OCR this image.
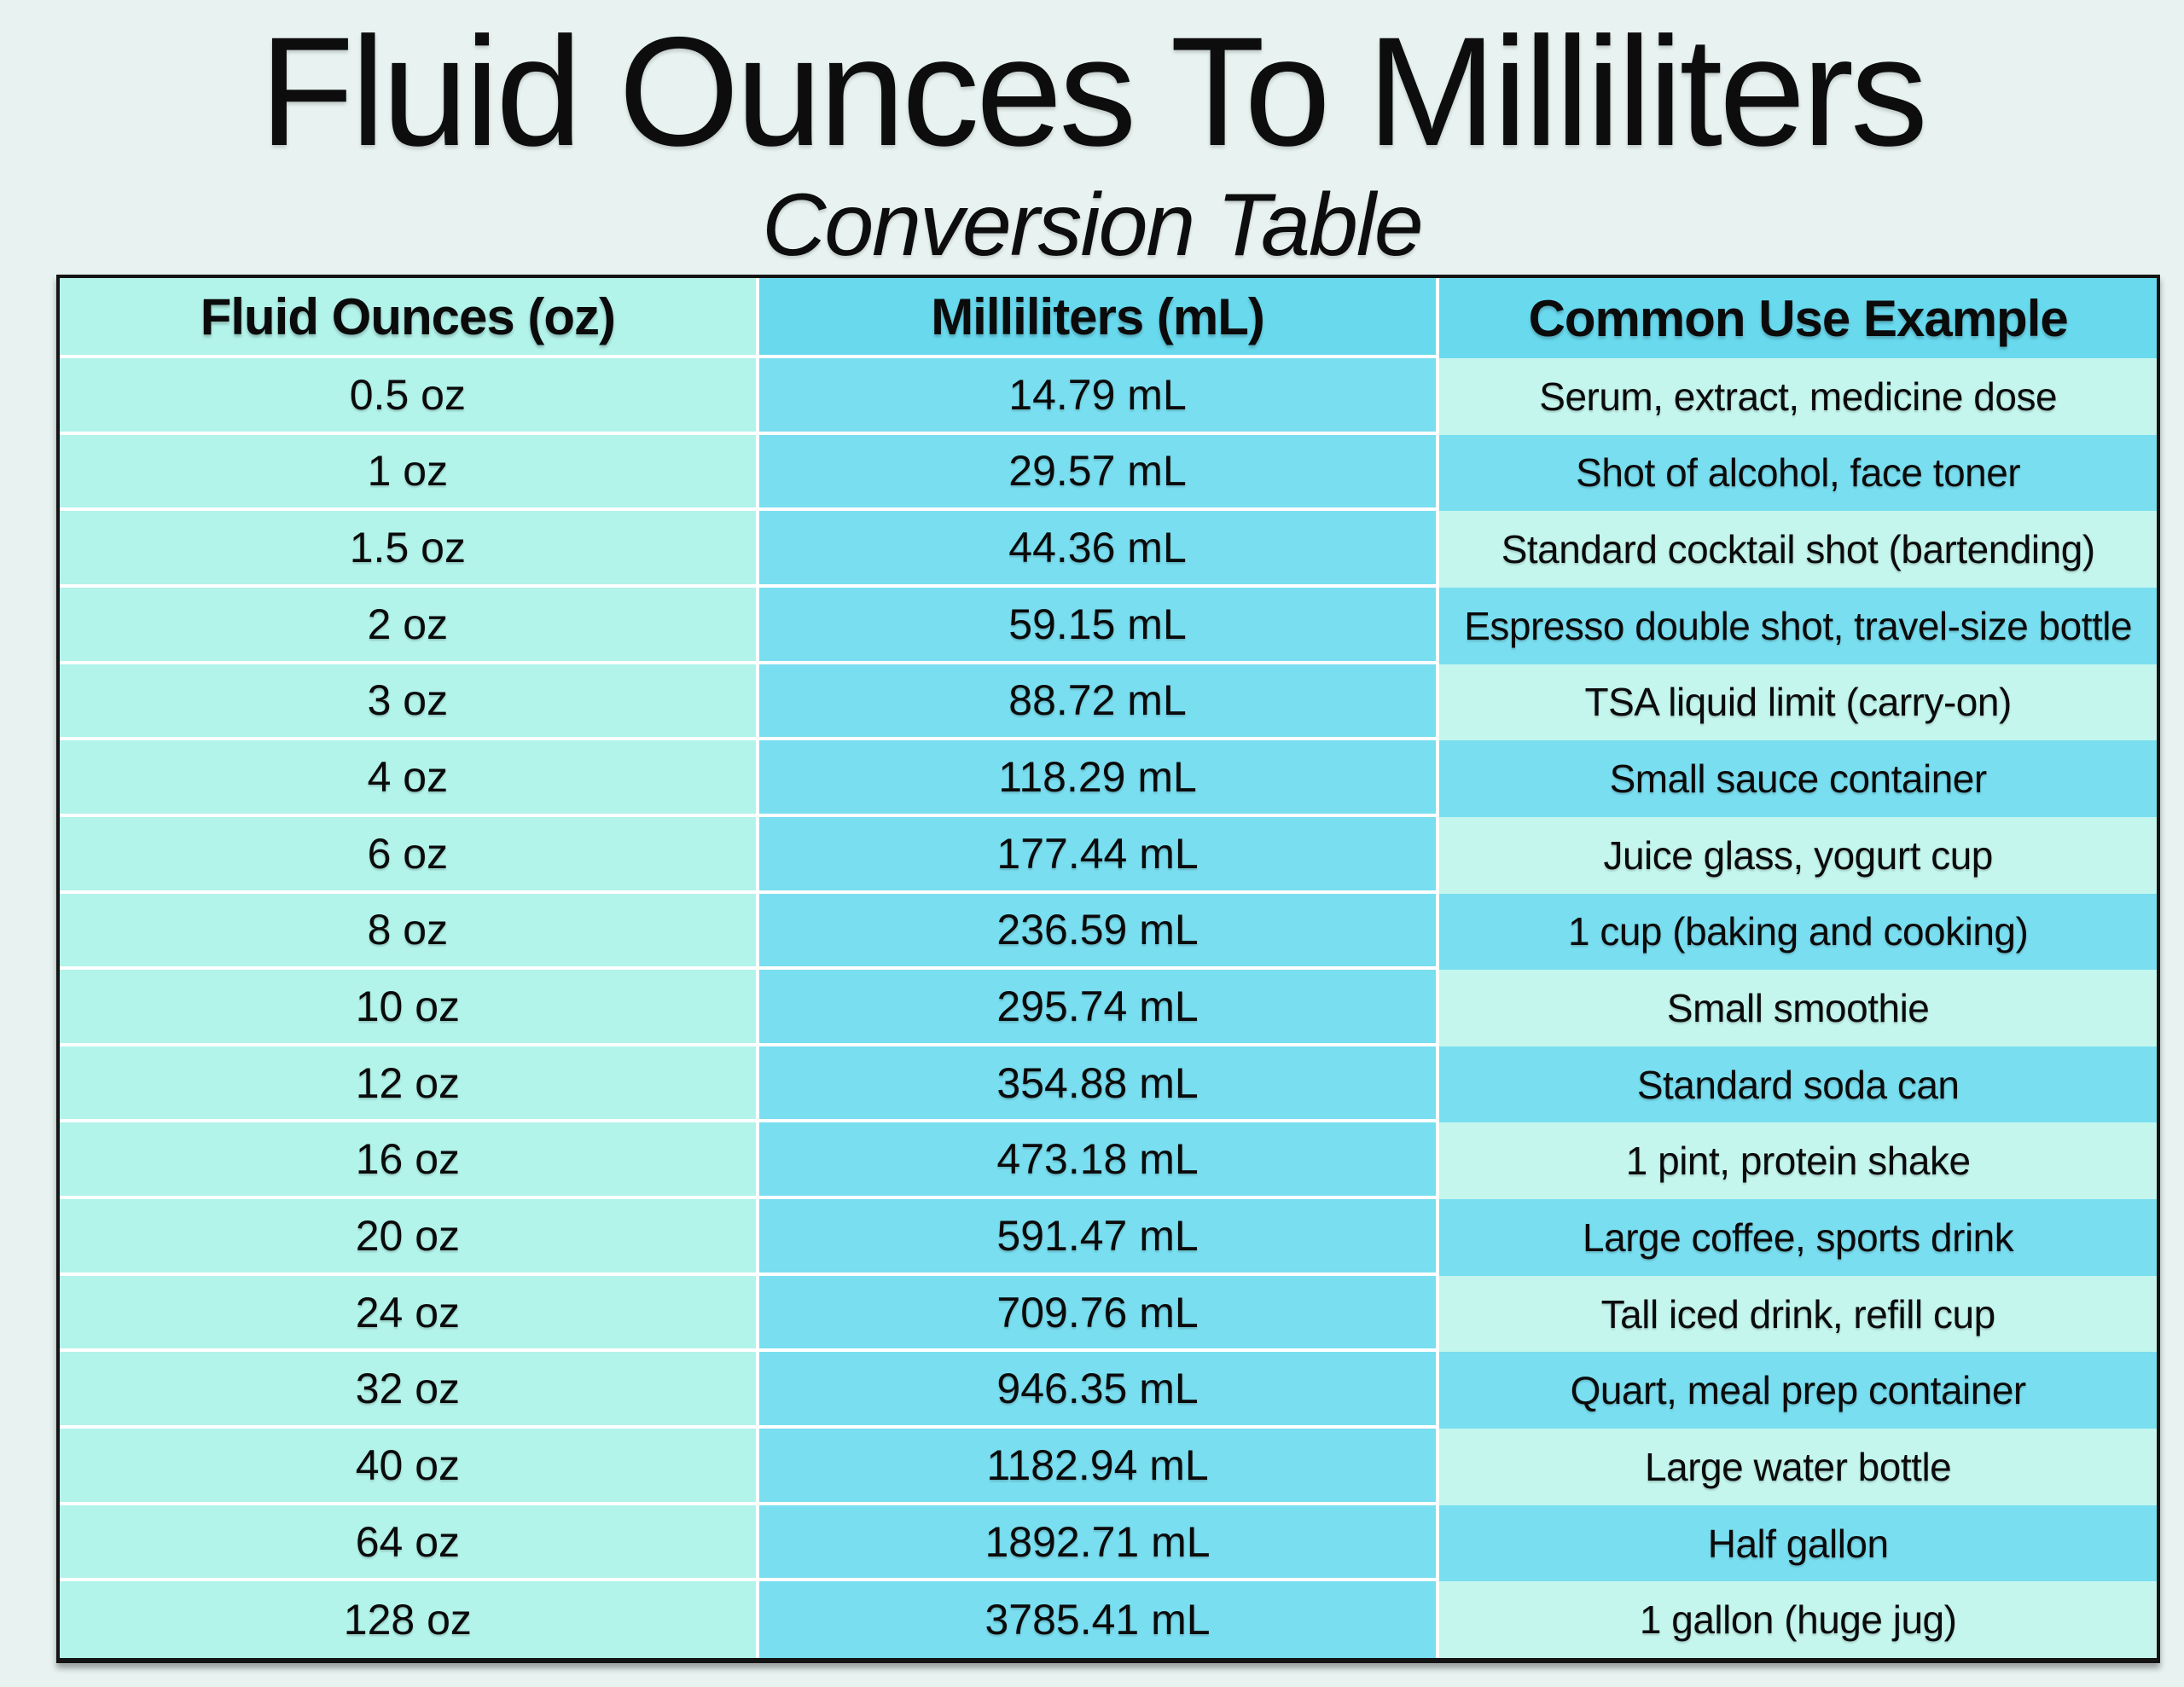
Fluid Ounces To Milliliters
Conversion Table
Fluid Ounces (oz)	Milliliters (mL)	Common Use Example
0.5 oz	14.79 mL	Serum, extract, medicine dose
1 oz	29.57 mL	Shot of alcohol, face toner
1.5 oz	44.36 mL	Standard cocktail shot (bartending)
2 oz	59.15 mL	Espresso double shot, travel-size bottle
3 oz	88.72 mL	TSA liquid limit (carry-on)
4 oz	118.29 mL	Small sauce container
6 oz	177.44 mL	Juice glass, yogurt cup
8 oz	236.59 mL	1 cup (baking and cooking)
10 oz	295.74 mL	Small smoothie
12 oz	354.88 mL	Standard soda can
16 oz	473.18 mL	1 pint, protein shake
20 oz	591.47 mL	Large coffee, sports drink
24 oz	709.76 mL	Tall iced drink, refill cup
32 oz	946.35 mL	Quart, meal prep container
40 oz	1182.94 mL	Large water bottle
64 oz	1892.71 mL	Half gallon
128 oz	3785.41 mL	1 gallon (huge jug)
